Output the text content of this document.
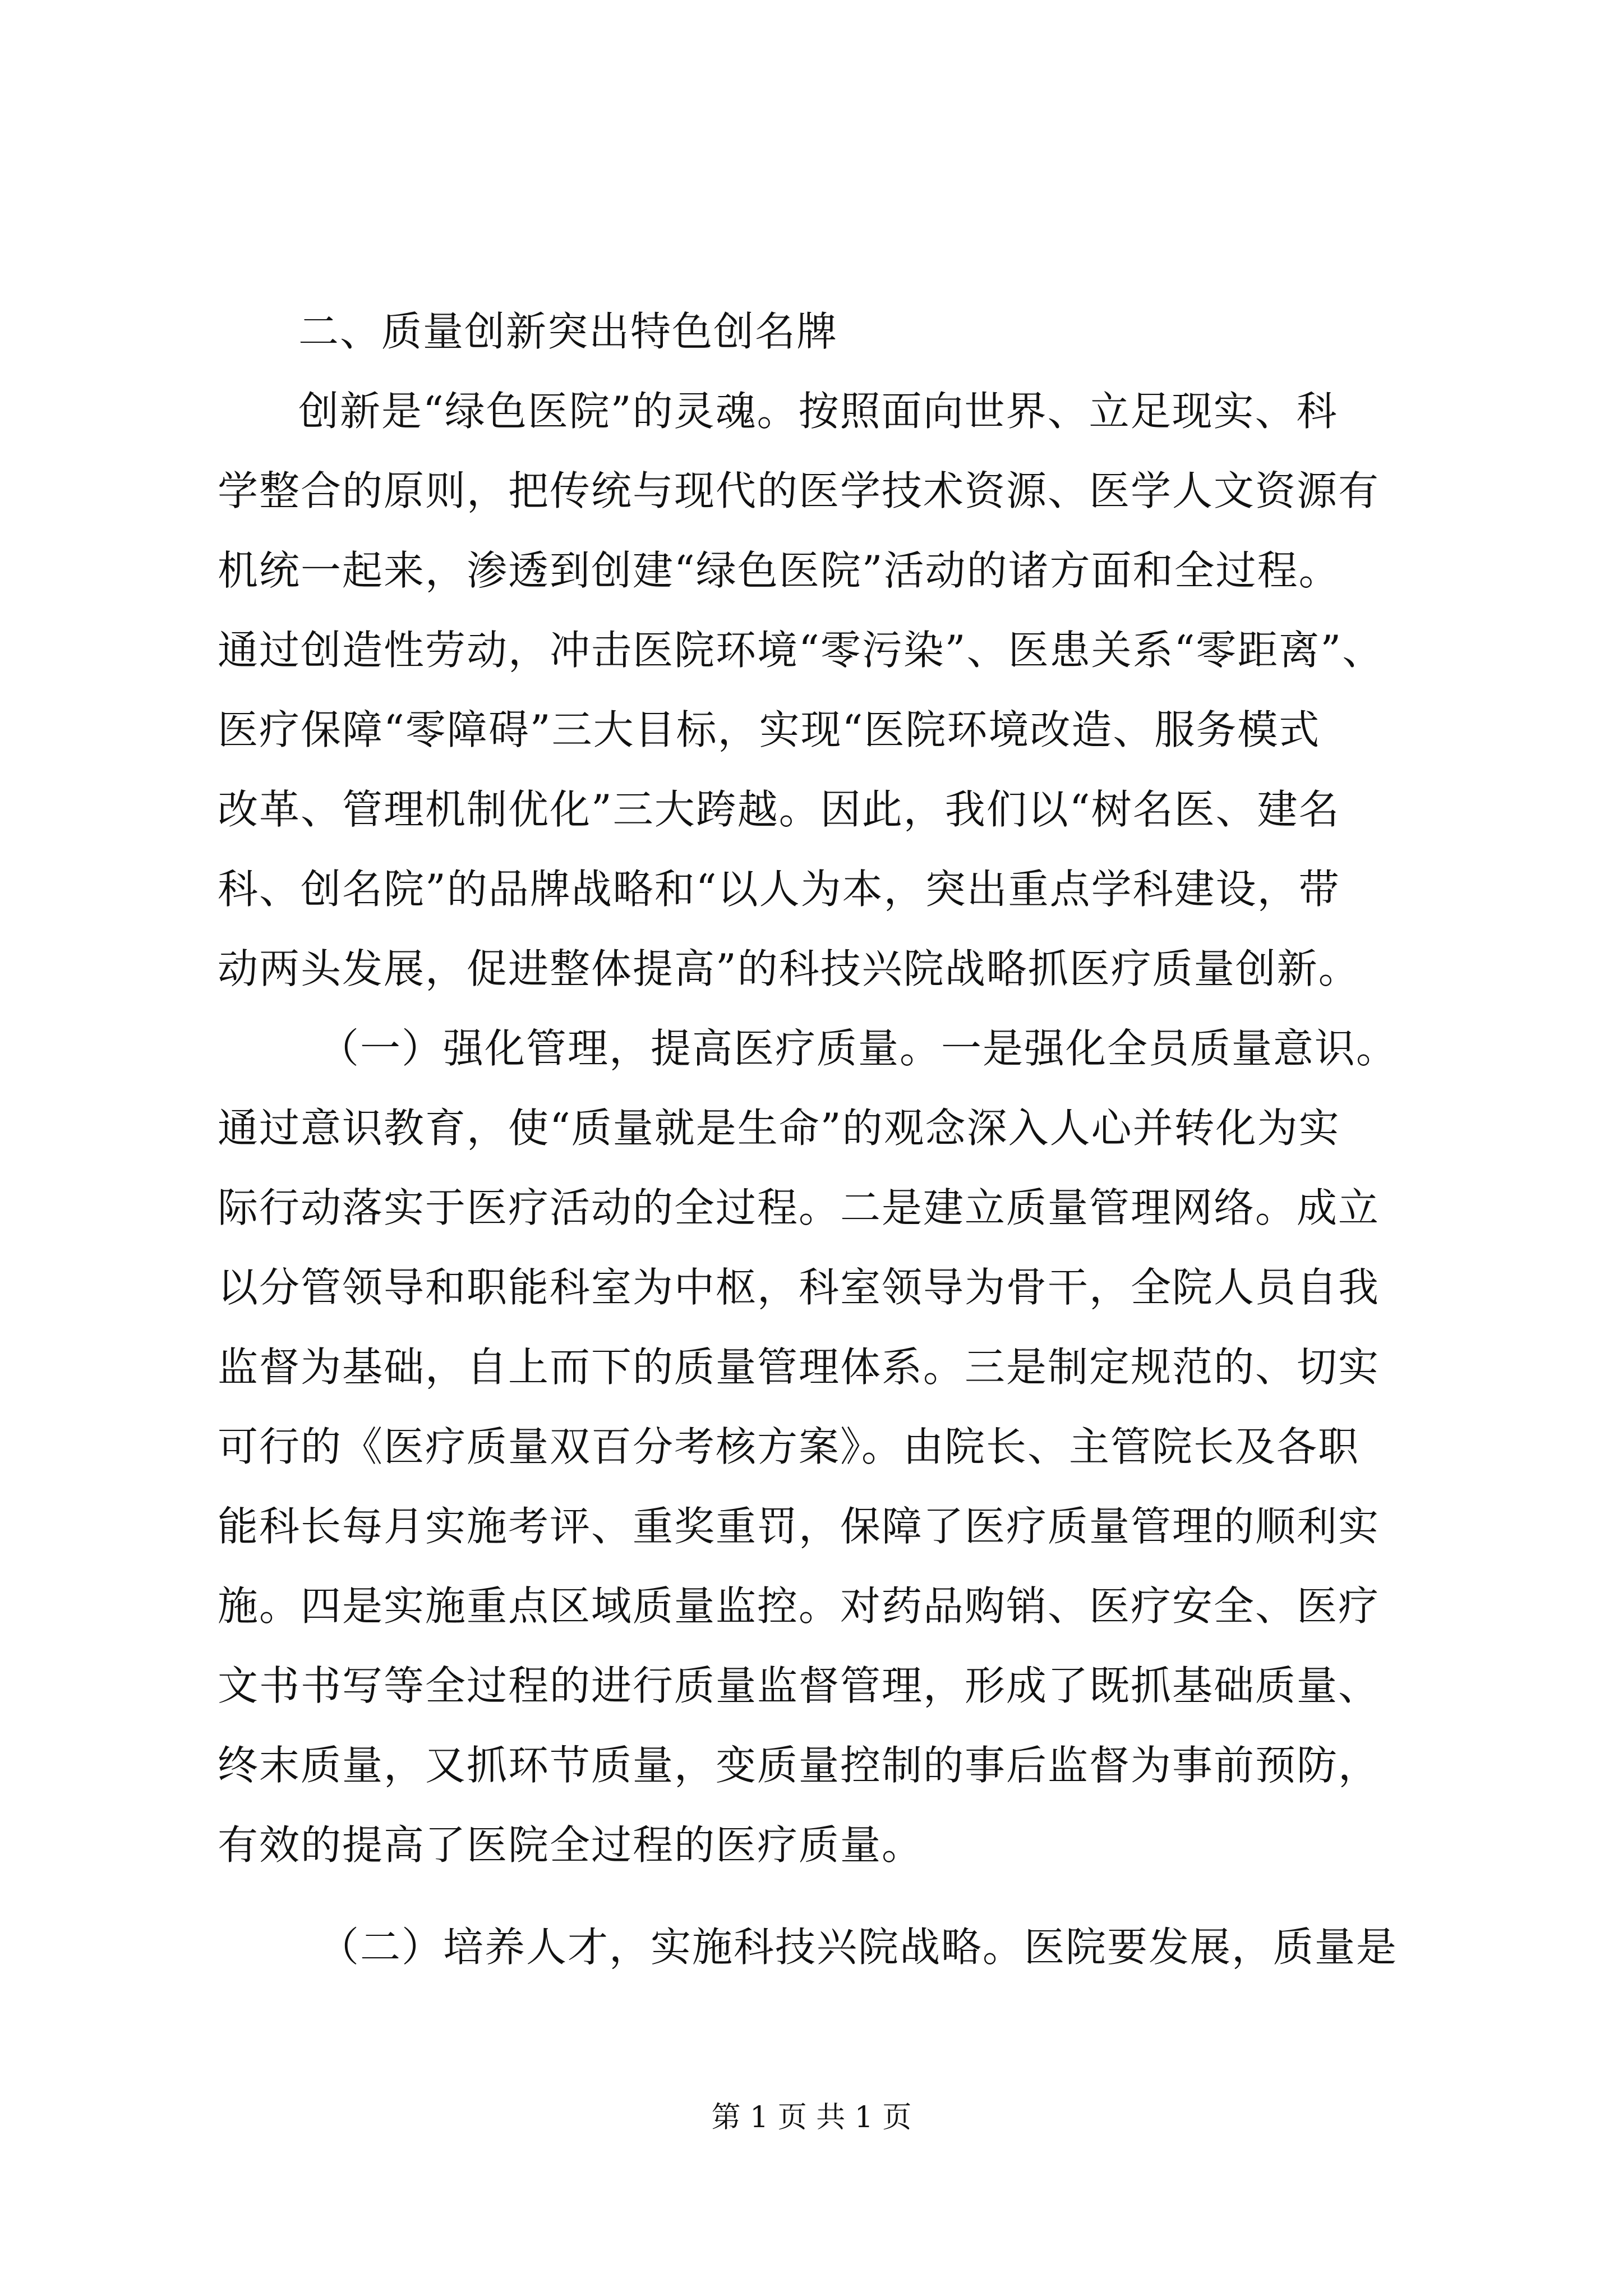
二、质量创新突出特色创名牌
创新是“绿色医院”的灵魂。按照面向世界、立足现实、科
学整合的原则，把传统与现代的医学技术资源、医学人文资源有
机统一起来，渗透到创建“绿色医院”活动的诸方面和全过程。
通过创造性劳动，冲击医院环境“零污染”、医患关系“零距离”、
医疗保障“零障碍”三大目标，实现“医院环境改造、服务模式
改革、管理机制优化”三大跨越。因此，我们以“树名医、建名
科、创名院”的品牌战略和“以人为本，突出重点学科建设，带
动两头发展，促进整体提高”的科技兴院战略抓医疗质量创新。
（一）强化管理，提高医疗质量。一是强化全员质量意识。
通过意识教育，使“质量就是生命”的观念深入人心并转化为实
际行动落实于医疗活动的全过程。二是建立质量管理网络。成立
以分管领导和职能科室为中枢，科室领导为骨干，全院人员自我
监督为基础，自上而下的质量管理体系。三是制定规范的、切实
可行的《医疗质量双百分考核方案》。由院长、主管院长及各职
能科长每月实施考评、重奖重罚，保障了医疗质量管理的顺利实
施。四是实施重点区域质量监控。对药品购销、医疗安全、医疗
文书书写等全过程的进行质量监督管理，形成了既抓基础质量、
终末质量，又抓环节质量，变质量控制的事后监督为事前预防，
有效的提高了医院全过程的医疗质量。
（二）培养人才，实施科技兴院战略。医院要发展，质量是
第 1 页 共 1 页
